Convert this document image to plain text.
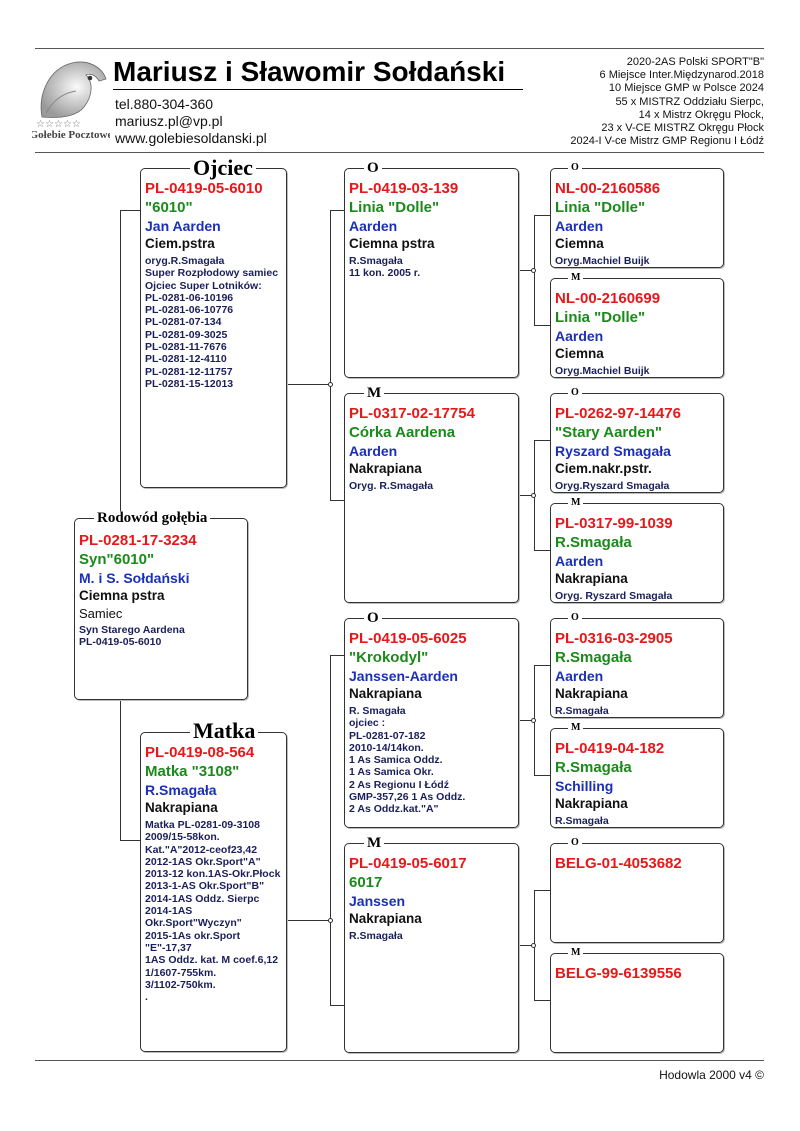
☆☆☆☆☆
Gołebie Pocztowe
Mariusz i Sławomir Sołdański
tel.880-304-360
mariusz.pl@vp.pl
www.golebiesoldanski.pl
2020-2AS Polski SPORT"B"
6 Miejsce Inter.Międzynarod.2018
10 Miejsce GMP w Polsce 2024
55 x MISTRZ Oddziału Sierpc,
14 x Mistrz Okręgu Płock,
23 x V-CE MISTRZ Okręgu Płock
2024-I V-ce Mistrz GMP Regionu I Łódź
PL-0281-17-3234
Syn"6010"
M. i S. Sołdański
Ciemna pstra
Samiec
Syn Starego Aardena
PL-0419-05-6010
Rodowód gołębia
PL-0419-05-6010
"6010"
Jan Aarden
Ciem.pstra
oryg.R.Smagała
Super Rozpłodowy samiec
Ojciec Super Lotników:
PL-0281-06-10196
PL-0281-06-10776
PL-0281-07-134
PL-0281-09-3025
PL-0281-11-7676
PL-0281-12-4110
PL-0281-12-11757
PL-0281-15-12013
Ojciec
PL-0419-08-564
Matka "3108"
R.Smagała
Nakrapiana
Matka PL-0281-09-3108
2009/15-58kon.
Kat."A"2012-ceof23,42
2012-1AS Okr.Sport"A"
2013-12 kon.1AS-Okr.Płock
2013-1-AS Okr.Sport"B"
2014-1AS Oddz. Sierpc
2014-1AS
Okr.Sport"Wyczyn"
2015-1As okr.Sport "E"-17,37
1AS Oddz. kat. M coef.6,12
1/1607-755km.
3/1102-750km.
.
Matka
PL-0419-03-139
Linia "Dolle"
Aarden
Ciemna pstra
R.Smagała
11 kon. 2005 r.
O
PL-0317-02-17754
Córka Aardena
Aarden
Nakrapiana
Oryg. R.Smagała
M
PL-0419-05-6025
"Krokodyl"
Janssen-Aarden
Nakrapiana
R. Smagała
ojciec :
PL-0281-07-182
2010-14/14kon.
1 As Samica Oddz.
1 As Samica Okr.
2 As Regionu I Łódź
GMP-357,26 1 As Oddz.
2 As Oddz.kat."A"
O
PL-0419-05-6017
6017
Janssen
Nakrapiana
R.Smagała
M
NL-00-2160586
Linia "Dolle"
Aarden
Ciemna
Oryg.Machiel Buijk
O
NL-00-2160699
Linia "Dolle"
Aarden
Ciemna
Oryg.Machiel Buijk
M
PL-0262-97-14476
"Stary Aarden"
Ryszard Smagała
Ciem.nakr.pstr.
Oryg.Ryszard Smagała
O
PL-0317-99-1039
R.Smagała
Aarden
Nakrapiana
Oryg. Ryszard Smagała
M
PL-0316-03-2905
R.Smagała
Aarden
Nakrapiana
R.Smagała
O
PL-0419-04-182
R.Smagała
Schilling
Nakrapiana
R.Smagała
M
BELG-01-4053682
O
BELG-99-6139556
M
Hodowla 2000 v4 ©
